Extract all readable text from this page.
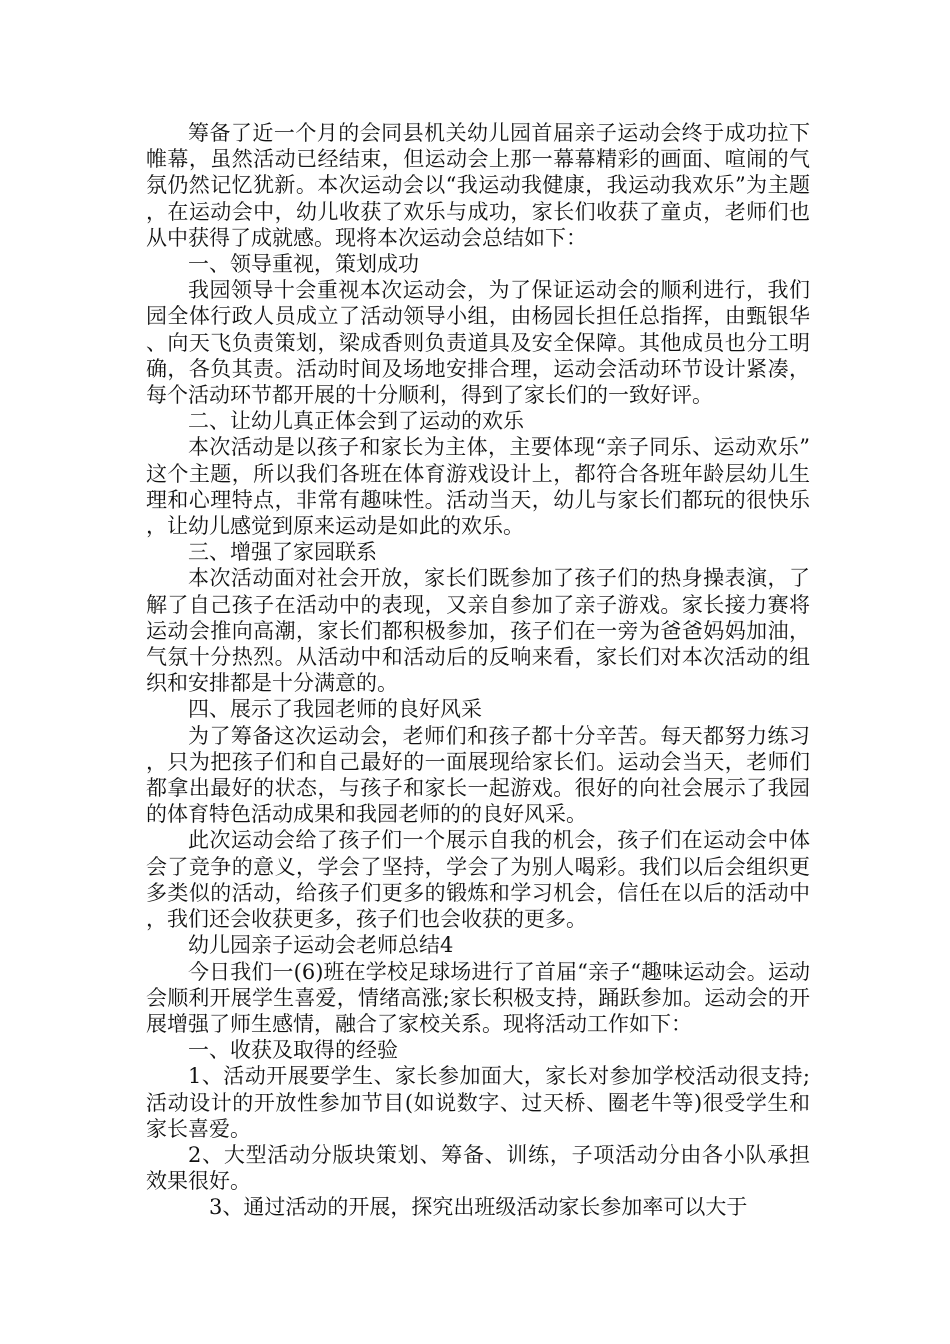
筹备了近一个月的会同县机关幼儿园首届亲子运动会终于成功拉下帷幕，虽然活动已经结束，但运动会上那一幕幕精彩的画面、喧闹的气氛仍然记忆犹新。本次运动会以“我运动我健康，我运动我欢乐”为主题，在运动会中，幼儿收获了欢乐与成功，家长们收获了童贞，老师们也从中获得了成就感。现将本次运动会总结如下：

一、领导重视，策划成功

我园领导十会重视本次运动会，为了保证运动会的顺利进行，我们园全体行政人员成立了活动领导小组，由杨园长担任总指挥，由甄银华、向天飞负责策划，梁成香则负责道具及安全保障。其他成员也分工明确，各负其责。活动时间及场地安排合理，运动会活动环节设计紧凑，每个活动环节都开展的十分顺利，得到了家长们的一致好评。

二、让幼儿真正体会到了运动的欢乐

本次活动是以孩子和家长为主体，主要体现“亲子同乐、运动欢乐”这个主题，所以我们各班在体育游戏设计上，都符合各班年龄层幼儿生理和心理特点，非常有趣味性。活动当天，幼儿与家长们都玩的很快乐，让幼儿感觉到原来运动是如此的欢乐。

三、增强了家园联系

本次活动面对社会开放，家长们既参加了孩子们的热身操表演，了解了自己孩子在活动中的表现，又亲自参加了亲子游戏。家长接力赛将运动会推向高潮，家长们都积极参加，孩子们在一旁为爸爸妈妈加油，气氛十分热烈。从活动中和活动后的反响来看，家长们对本次活动的组织和安排都是十分满意的。

四、展示了我园老师的良好风采

为了筹备这次运动会，老师们和孩子都十分辛苦。每天都努力练习，只为把孩子们和自己最好的一面展现给家长们。运动会当天，老师们都拿出最好的状态，与孩子和家长一起游戏。很好的向社会展示了我园的体育特色活动成果和我园老师的的良好风采。

此次运动会给了孩子们一个展示自我的机会，孩子们在运动会中体会了竞争的意义，学会了坚持，学会了为别人喝彩。我们以后会组织更多类似的活动，给孩子们更多的锻炼和学习机会，信任在以后的活动中，我们还会收获更多，孩子们也会收获的更多。

幼儿园亲子运动会老师总结4

今日我们一(6)班在学校足球场进行了首届“亲子“趣味运动会。运动会顺利开展学生喜爱，情绪高涨;家长积极支持，踊跃参加。运动会的开展增强了师生感情，融合了家校关系。现将活动工作如下：

一、收获及取得的经验

1、活动开展要学生、家长参加面大，家长对参加学校活动很支持;活动设计的开放性参加节目(如说数字、过天桥、圈老牛等)很受学生和家长喜爱。

2、大型活动分版块策划、筹备、训练，子项活动分由各小队承担效果很好。

3、通过活动的开展，探究出班级活动家长参加率可以大于
